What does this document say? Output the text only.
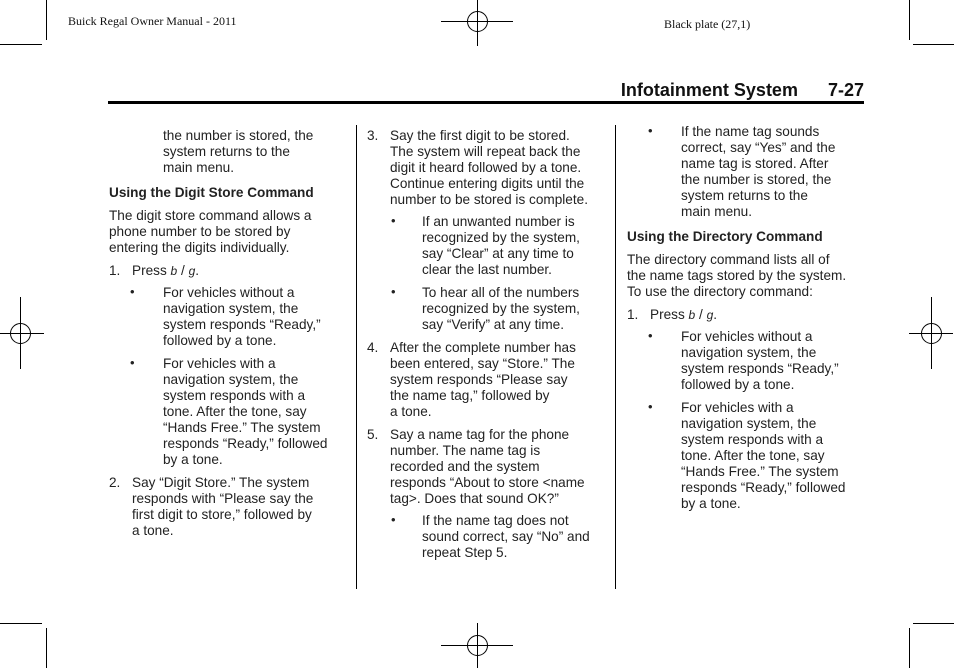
Buick Regal Owner Manual - 2011	Black plate (27,1)
Infotainment System 7-27

the number is stored, the

system returns to the

main menu.

Using the Digit Store Command

The digit store command allows a

phone number to be stored by

entering the digits individually.

1. Press b / g.

• For vehicles without a

navigation system, the

system responds “Ready,”

followed by a tone.

• For vehicles with a

navigation system, the

system responds with a

tone. After the tone, say

“Hands Free.” The system

responds “Ready,” followed

by a tone.

2. Say “Digit Store.” The system

responds with “Please say the

first digit to store,” followed by

a tone.

3. Say the first digit to be stored.

The system will repeat back the

digit it heard followed by a tone.

Continue entering digits until the

number to be stored is complete.

• If an unwanted number is

recognized by the system,

say “Clear” at any time to

clear the last number.

• To hear all of the numbers

recognized by the system,

say “Verify” at any time.

4. After the complete number has

been entered, say “Store.” The

system responds “Please say

the name tag,” followed by

a tone.

5. Say a name tag for the phone

number. The name tag is

recorded and the system

responds “About to store <name

tag>. Does that sound OK?”

• If the name tag does not

sound correct, say “No” and

repeat Step 5.

• If the name tag sounds

correct, say “Yes” and the

name tag is stored. After

the number is stored, the

system returns to the

main menu.

Using the Directory Command

The directory command lists all of

the name tags stored by the system.

To use the directory command:

1. Press b / g.

• For vehicles without a

navigation system, the

system responds “Ready,”

followed by a tone.

• For vehicles with a

navigation system, the

system responds with a

tone. After the tone, say

“Hands Free.” The system

responds “Ready,” followed

by a tone.
